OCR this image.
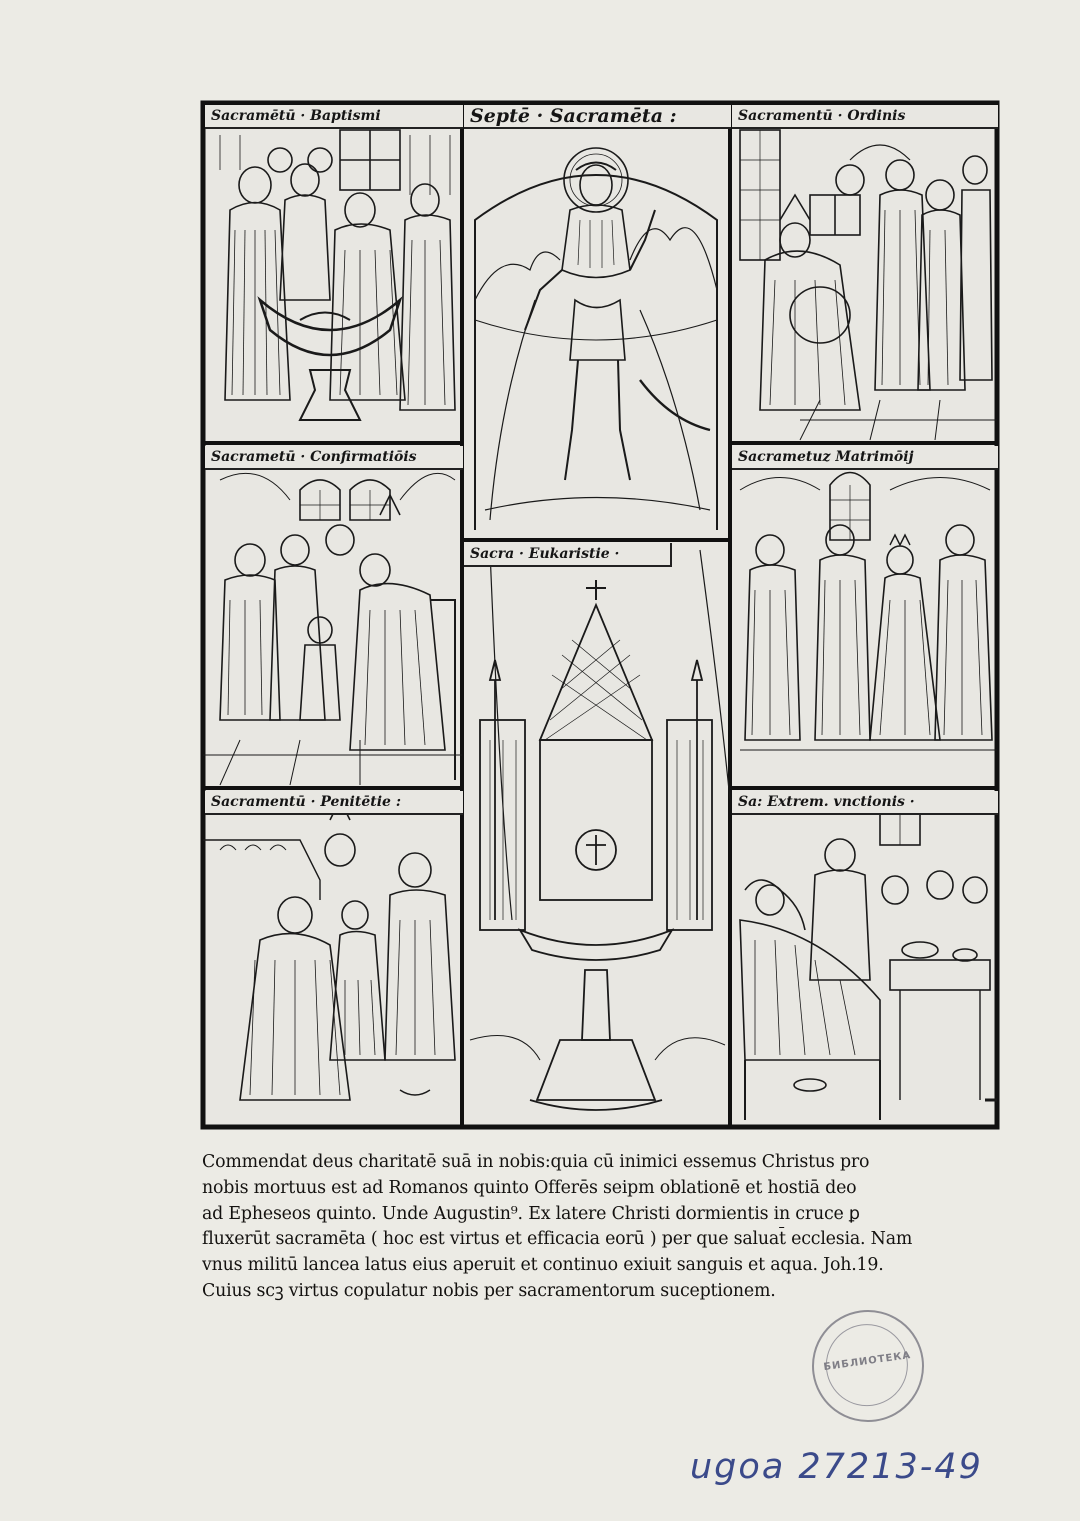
Sacramētū · Baptismi	Septē · Sacramēta :	Sacramentū · Ordinis
Sacrametū · Confirmatiōis	Sacrametuz Matrimōij
Sacra · Eukaristie ·
Sacramentū · Penitētie :	Sa: Extrem. vnctionis ·
Commendat deus charitatē suā in nobis:quia cū inimici essemus Christus pro
nobis mortuus est ad Romanos quinto Offerēs seipm oblationē et hostiā deo
ad Epheseos quinto. Unde Augustin⁹. Ex latere Christi dormientis in cruce ꝑ
fluxerūt sacramēta ( hoc est virtus et efficacia eorū ) per que saluat̄ ecclesia. Nam
vnus militū lancea latus eius aperuit et continuo exiuit sanguis et aqua. Joh.19.
Cuius scꝫ virtus copulatur nobis per sacramentorum suceptionem.
БИБЛИОТЕКА
ugoa 27213-49
